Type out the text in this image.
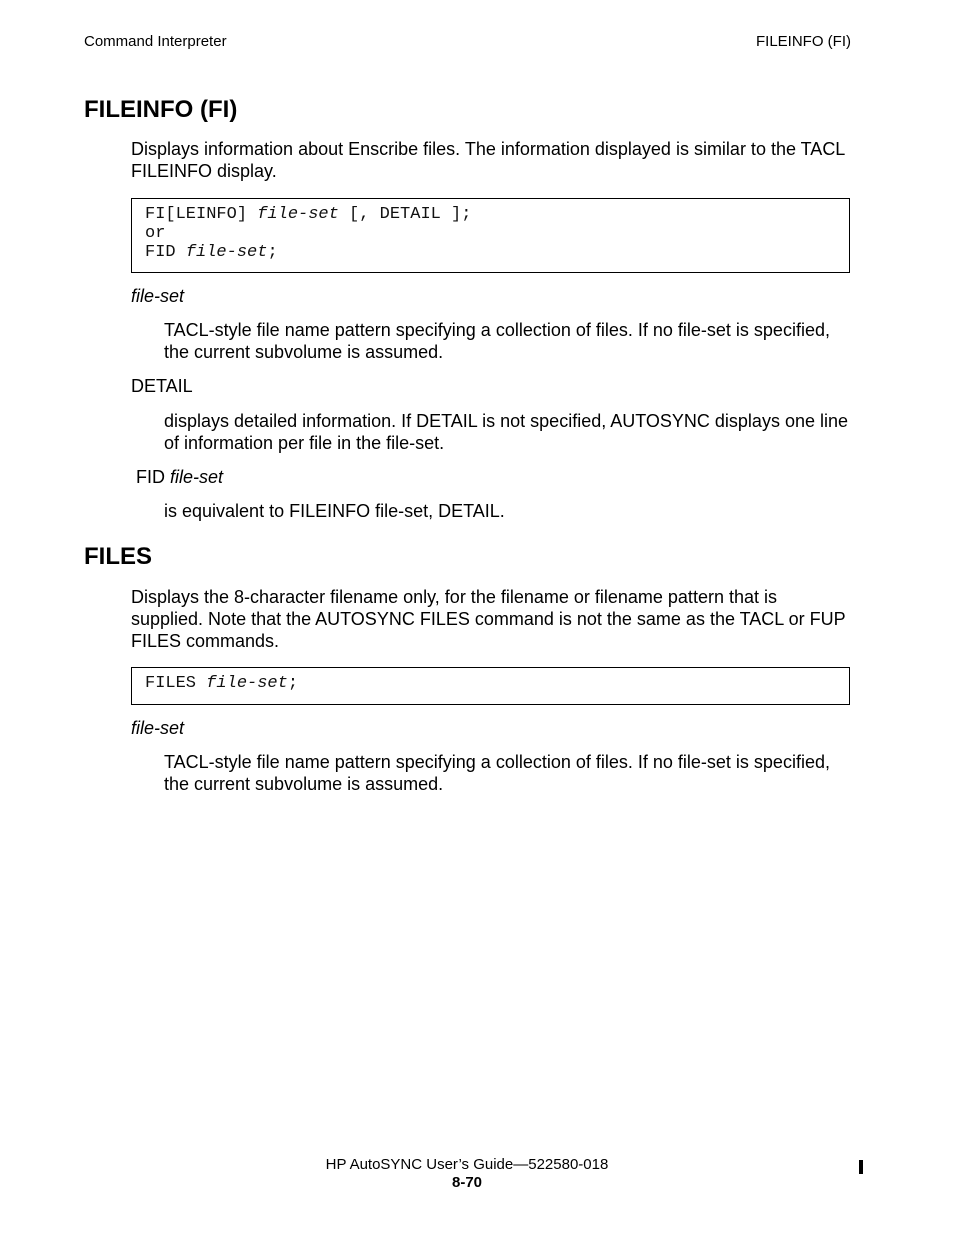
Command Interpreter	FILEINFO (FI)
FILEINFO (FI)
Displays information about Enscribe files. The information displayed is similar to the TACL FILEINFO display.
FI[LEINFO] file-set [, DETAIL ];
or
FID file-set;
file-set
TACL-style file name pattern specifying a collection of files. If no file-set is specified, the current subvolume is assumed.
DETAIL
displays detailed information. If DETAIL is not specified, AUTOSYNC displays one line of information per file in the file-set.
FID file-set
is equivalent to FILEINFO file-set, DETAIL.
FILES
Displays the 8-character filename only, for the filename or filename pattern that is supplied. Note that the AUTOSYNC FILES command is not the same as the TACL or FUP FILES commands.
FILES file-set;
file-set
TACL-style file name pattern specifying a collection of files. If no file-set is specified, the current subvolume is assumed.
HP AutoSYNC User’s Guide—522580-018
8-70
